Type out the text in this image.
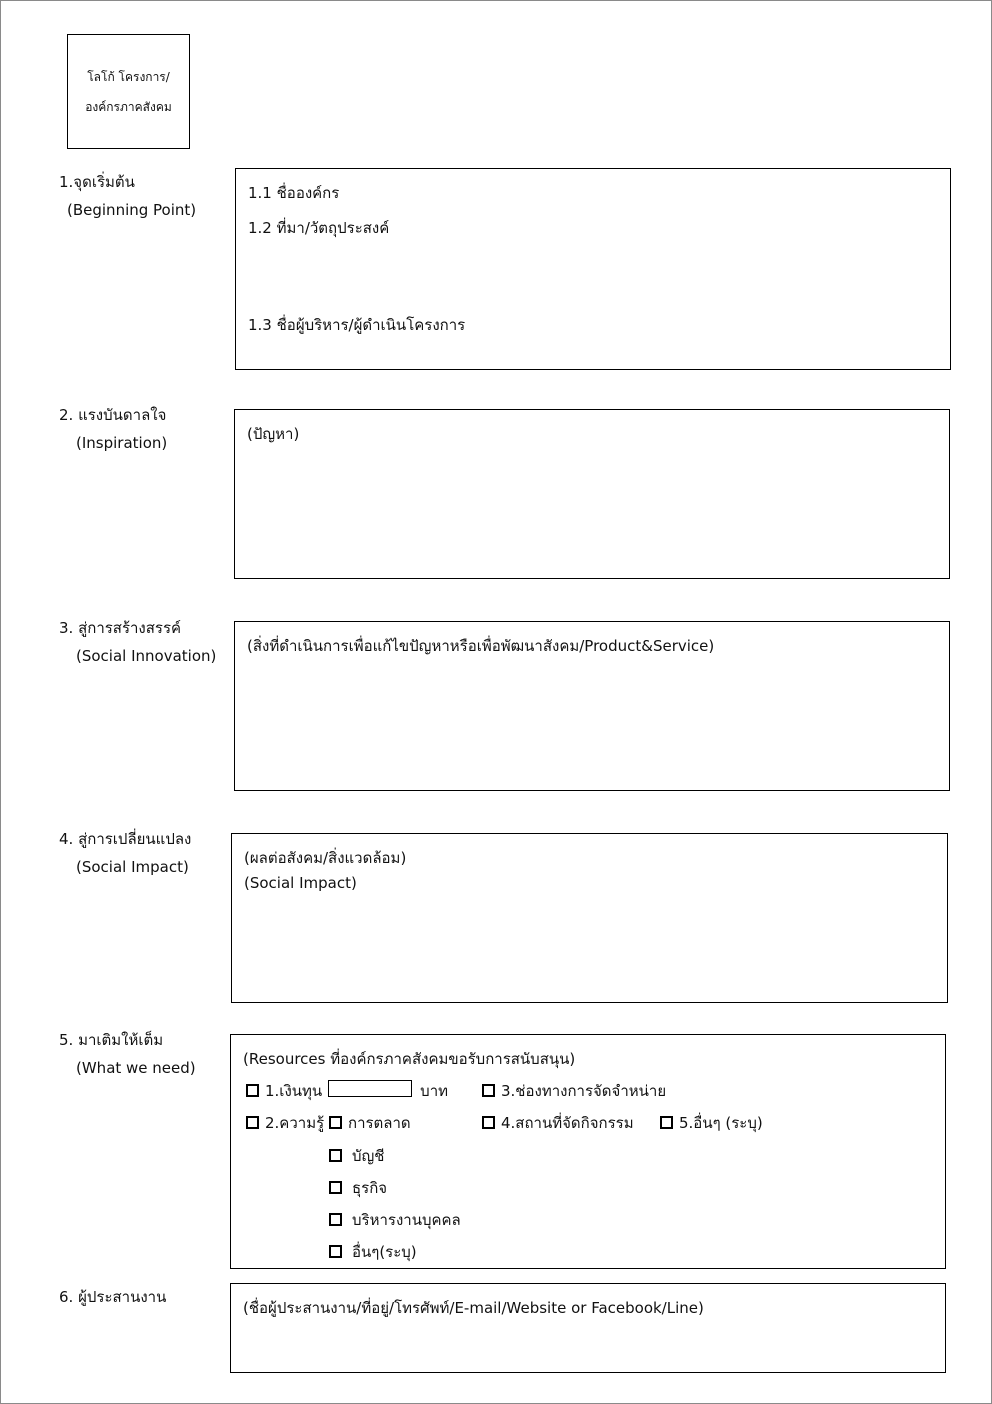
โลโก้ โครงการ/
องค์กรภาคสังคม
1.จุดเริ่มต้น
(Beginning Point)
1.1 ชื่อองค์กร
1.2 ที่มา/วัตถุประสงค์
1.3 ชื่อผู้บริหาร/ผู้ดำเนินโครงการ
2. แรงบันดาลใจ
(Inspiration)	(ปัญหา)
3. สู่การสร้างสรรค์
(Social Innovation)
(สิ่งที่ดำเนินการเพื่อแก้ไขปัญหาหรือเพื่อพัฒนาสังคม/Product&Service)
4. สู่การเปลี่ยนแปลง
(Social Impact)	(ผลต่อสังคม/สิ่งแวดล้อม)
(Social Impact)
5. มาเติมให้เต็ม
(What we need)	(Resources ที่องค์กรภาคสังคมขอรับการสนับสนุน)
1.เงินทุน	บาท	3.ช่องทางการจัดจำหน่าย
2.ความรู้	การตลาด	4.สถานที่จัดกิจกรรม	5.อื่นๆ (ระบุ)
บัญชี
ธุรกิจ
บริหารงานบุคคล
อื่นๆ(ระบุ)
6. ผู้ประสานงาน
(ชื่อผู้ประสานงาน/ที่อยู่/โทรศัพท์/E-mail/Website or Facebook/Line)
